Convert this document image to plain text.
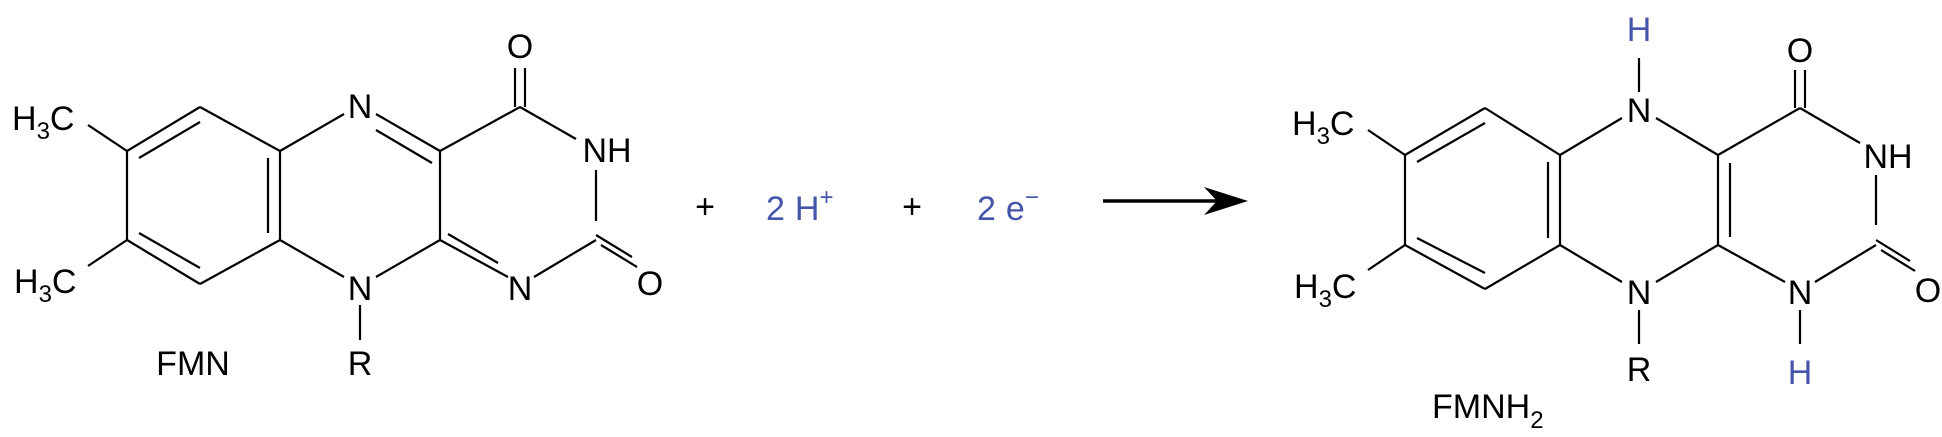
N
N	N
NH
O
O
R
$H_3C$
$H_3C$
FMN
+ 2 H+ + 2 e−
N
H
N	N
H
NH
O
O
R
$H_3C$
$H_3C$
$FMNH_2$
